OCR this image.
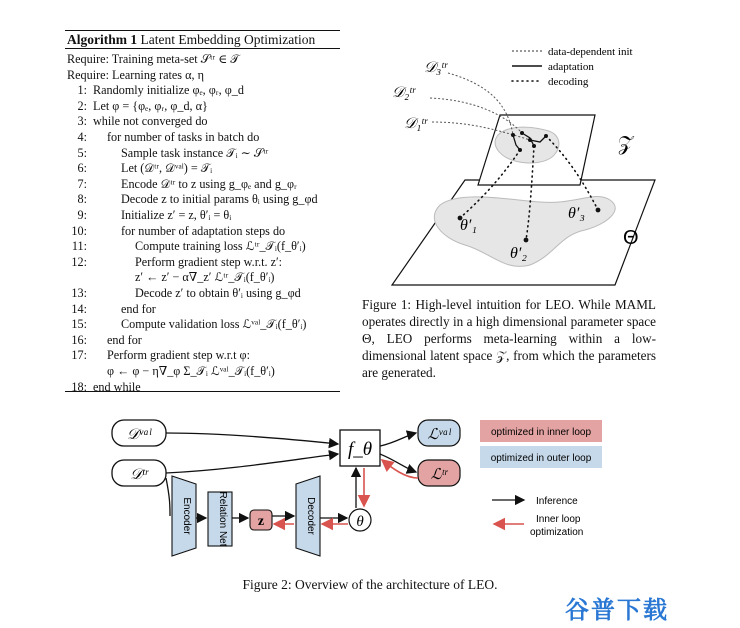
Algorithm 1 Latent Embedding Optimization
Require: Training meta-set 𝒮ᵗʳ ∈ 𝒯
Require: Learning rates α, η
1: Randomly initialize φₑ, φᵣ, φ_d
2: Let φ = {φₑ, φᵣ, φ_d, α}
3: while not converged do
4: for number of tasks in batch do
5:	Sample task instance 𝒯ᵢ ∼ 𝒮ᵗʳ
6:	Let (𝒟ᵗʳ, 𝒟ᵛᵃˡ) = 𝒯ᵢ
7:	Encode 𝒟ᵗʳ to z using g_φₑ and g_φᵣ
8:	Decode z to initial params θᵢ using g_φd
9:	Initialize z′ = z, θ′ᵢ = θᵢ
10:	for number of adaptation steps do
11:	Compute training loss ℒᵗʳ_𝒯ᵢ(f_θ′ᵢ)
12:	Perform gradient step w.r.t. z′:
z′ ← z′ − α∇_z′ ℒᵗʳ_𝒯ᵢ(f_θ′ᵢ)
13:	Decode z′ to obtain θ′ᵢ using g_φd
14:	end for
15:	Compute validation loss ℒᵛᵃˡ_𝒯ᵢ(f_θ′ᵢ)
16: end for
17: Perform gradient step w.r.t φ:
φ ← φ − η∇_φ Σ_𝒯ᵢ ℒᵛᵃˡ_𝒯ᵢ(f_θ′ᵢ)
18: end while
data-dependent init
adaptation
decoding
𝒟₃ᵗʳ
𝒟₂ᵗʳ
𝒟₁ᵗʳ
𝒵
Θ
θ′₁
θ′₂
θ′₃
Figure 1: High-level intuition for LEO. While MAML operates directly in a high dimensional parameter space Θ, LEO performs meta-learning within a low-dimensional latent space 𝒵, from which the parameters are generated.
𝒟ᵛᵃˡ
𝒟ᵗʳ
f_θ
ℒᵛᵃˡ
ℒᵗʳ
Encoder	Relation Net z	Decoder	θ
optimized in inner loop
optimized in outer loop
Inference
Inner loop
optimization
Figure 2: Overview of the architecture of LEO.
谷普下载
